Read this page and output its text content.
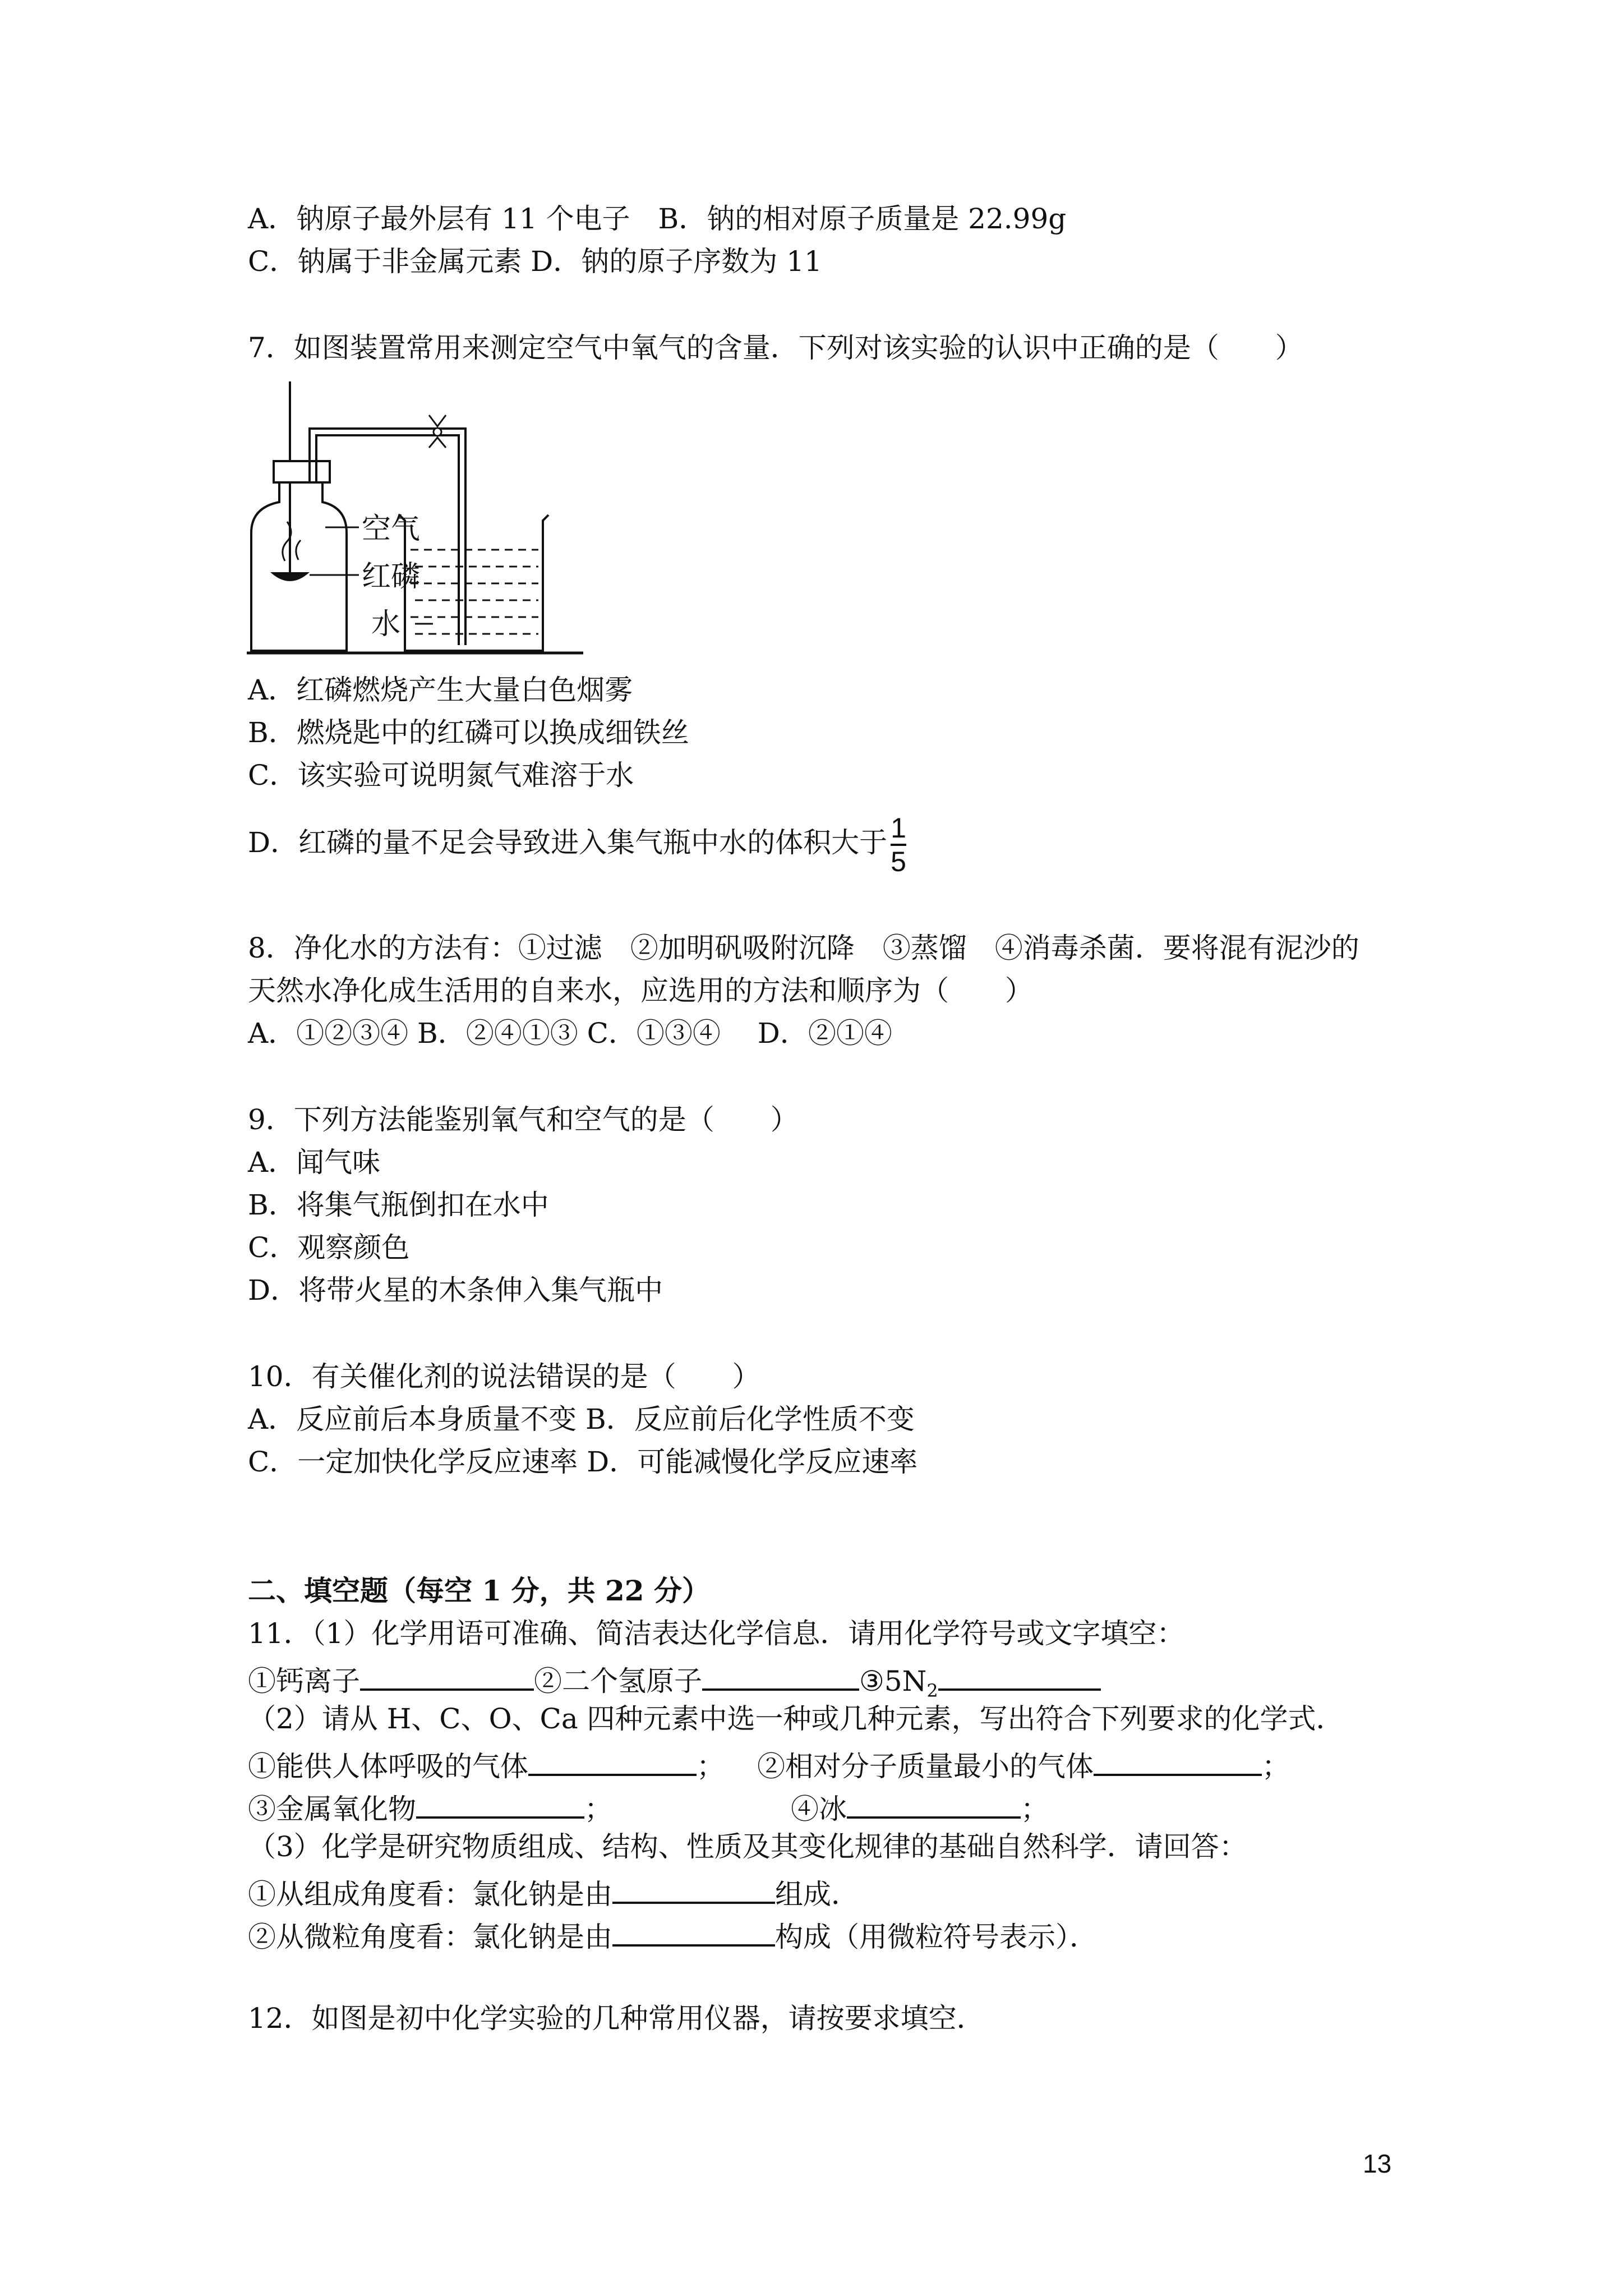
A．钠原子最外层有 11 个电子　B．钠的相对原子质量是 22.99g
C．钠属于非金属元素 D．钠的原子序数为 11
7．如图装置常用来测定空气中氧气的含量．下列对该实验的认识中正确的是（　　）
空气
红磷
水
A．红磷燃烧产生大量白色烟雾
B．燃烧匙中的红磷可以换成细铁丝
C．该实验可说明氮气难溶于水
D．红磷的量不足会导致进入集气瓶中水的体积大于 $\frac{1}{5}$
8．净化水的方法有：①过滤　②加明矾吸附沉降　③蒸馏　④消毒杀菌．要将混有泥沙的
天然水净化成生活用的自来水，应选用的方法和顺序为（　　）
A．①②③④ B．②④①③ C．①③④　 D．②①④
9．下列方法能鉴别氧气和空气的是（　　）
A．闻气味
B．将集气瓶倒扣在水中
C．观察颜色
D．将带火星的木条伸入集气瓶中
10．有关催化剂的说法错误的是（　　）
A．反应前后本身质量不变 B．反应前后化学性质不变
C．一定加快化学反应速率 D．可能减慢化学反应速率
二、填空题（每空 1 分，共 22 分）
11．（1）化学用语可准确、简洁表达化学信息．请用化学符号或文字填空：
①钙离子	②二个氢原子	$③5N_2$
（2）请从 H、C、O、Ca 四种元素中选一种或几种元素，写出符合下列要求的化学式．
①能供人体呼吸的气体	； ②相对分子质量最小的气体	；
③金属氧化物	；	④冰	；
（3）化学是研究物质组成、结构、性质及其变化规律的基础自然科学．请回答：
①从组成角度看：氯化钠是由	组成．
②从微粒角度看：氯化钠是由	构成（用微粒符号表示）．
12．如图是初中化学实验的几种常用仪器，请按要求填空．
13
